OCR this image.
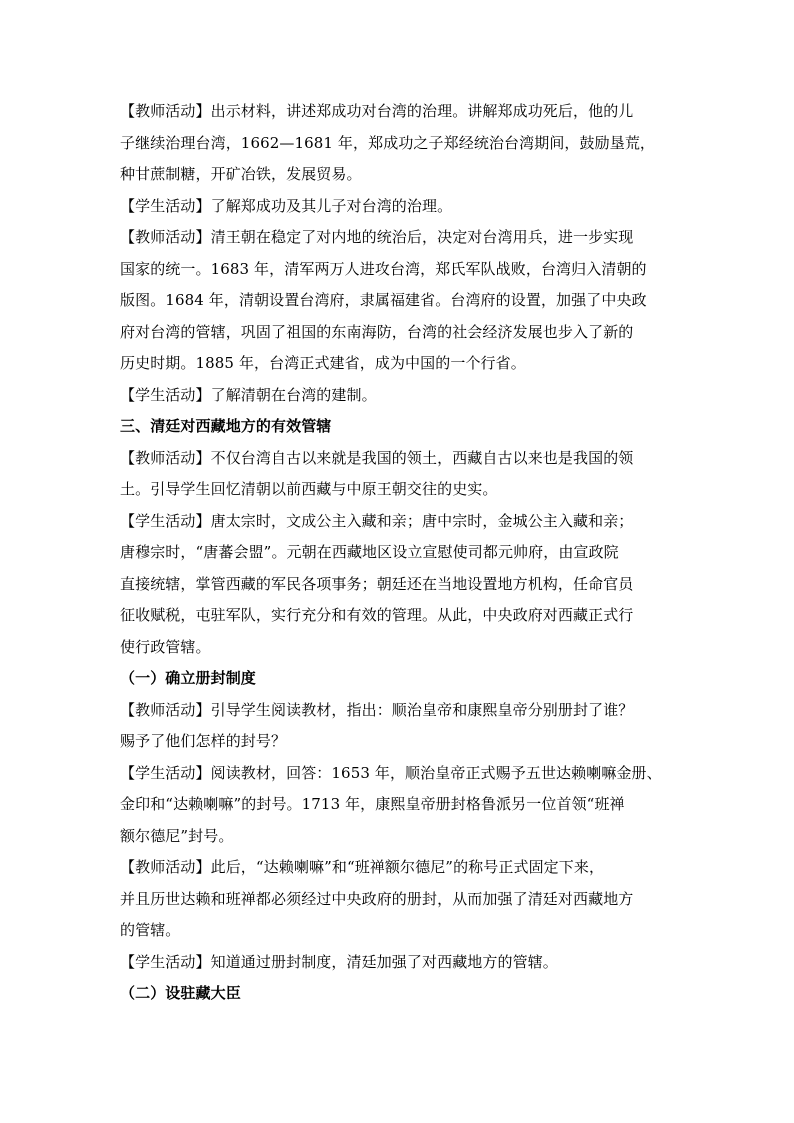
【教师活动】出示材料，讲述郑成功对台湾的治理。讲解郑成功死后，他的儿
子继续治理台湾，1662—1681 年，郑成功之子郑经统治台湾期间，鼓励垦荒，
种甘蔗制糖，开矿冶铁，发展贸易。
【学生活动】了解郑成功及其儿子对台湾的治理。
【教师活动】清王朝在稳定了对内地的统治后，决定对台湾用兵，进一步实现
国家的统一。1683 年，清军两万人进攻台湾，郑氏军队战败，台湾归入清朝的
版图。1684 年，清朝设置台湾府，隶属福建省。台湾府的设置，加强了中央政
府对台湾的管辖，巩固了祖国的东南海防，台湾的社会经济发展也步入了新的
历史时期。1885 年，台湾正式建省，成为中国的一个行省。
【学生活动】了解清朝在台湾的建制。
三、清廷对西藏地方的有效管辖
【教师活动】不仅台湾自古以来就是我国的领土，西藏自古以来也是我国的领
土。引导学生回忆清朝以前西藏与中原王朝交往的史实。
【学生活动】唐太宗时，文成公主入藏和亲；唐中宗时，金城公主入藏和亲；
唐穆宗时，“唐蕃会盟”。元朝在西藏地区设立宣慰使司都元帅府，由宣政院
直接统辖，掌管西藏的军民各项事务；朝廷还在当地设置地方机构，任命官员
征收赋税，屯驻军队，实行充分和有效的管理。从此，中央政府对西藏正式行
使行政管辖。
（一）确立册封制度
【教师活动】引导学生阅读教材，指出：顺治皇帝和康熙皇帝分别册封了谁？
赐予了他们怎样的封号？
【学生活动】阅读教材，回答：1653 年，顺治皇帝正式赐予五世达赖喇嘛金册、
金印和“达赖喇嘛”的封号。1713 年，康熙皇帝册封格鲁派另一位首领“班禅
额尔德尼”封号。
【教师活动】此后，“达赖喇嘛”和“班禅额尔德尼”的称号正式固定下来，
并且历世达赖和班禅都必须经过中央政府的册封，从而加强了清廷对西藏地方
的管辖。
【学生活动】知道通过册封制度，清廷加强了对西藏地方的管辖。
（二）设驻藏大臣
